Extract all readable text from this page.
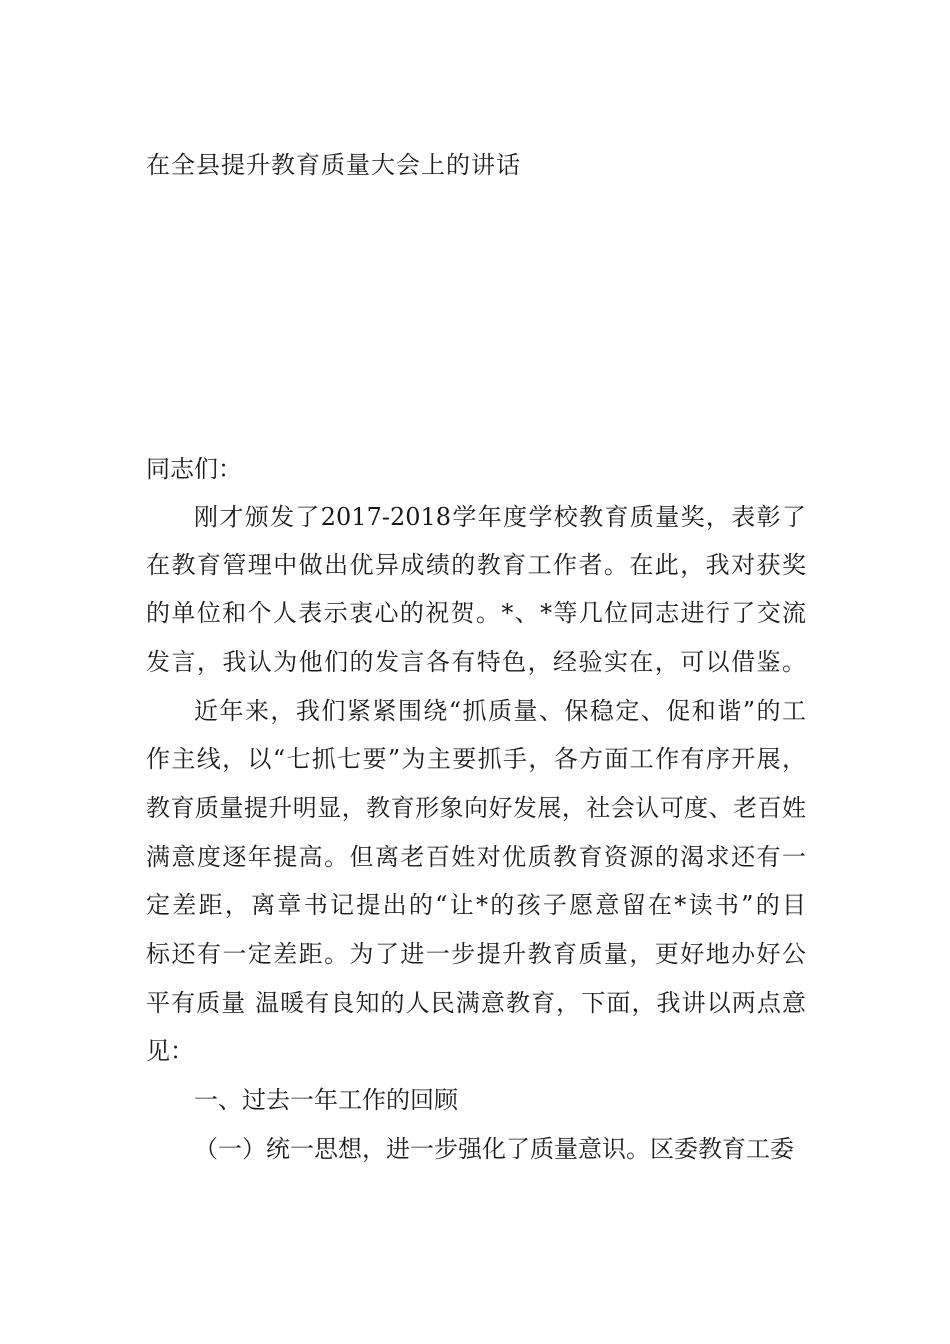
在全县提升教育质量大会上的讲话
同志们：
刚才颁发了2017-2018学年度学校教育质量奖，表彰了
在教育管理中做出优异成绩的教育工作者。在此，我对获奖
的单位和个人表示衷心的祝贺。*、*等几位同志进行了交流
发言，我认为他们的发言各有特色，经验实在，可以借鉴。
近年来，我们紧紧围绕“抓质量、保稳定、促和谐”的工
作主线，以“七抓七要”为主要抓手，各方面工作有序开展，
教育质量提升明显，教育形象向好发展，社会认可度、老百姓
满意度逐年提高。但离老百姓对优质教育资源的渴求还有一
定差距，离章书记提出的“让*的孩子愿意留在*读书”的目
标还有一定差距。为了进一步提升教育质量，更好地办好公
平有质量 温暖有良知的人民满意教育，下面，我讲以两点意
见：
一、过去一年工作的回顾
（一）统一思想，进一步强化了质量意识。区委教育工委
